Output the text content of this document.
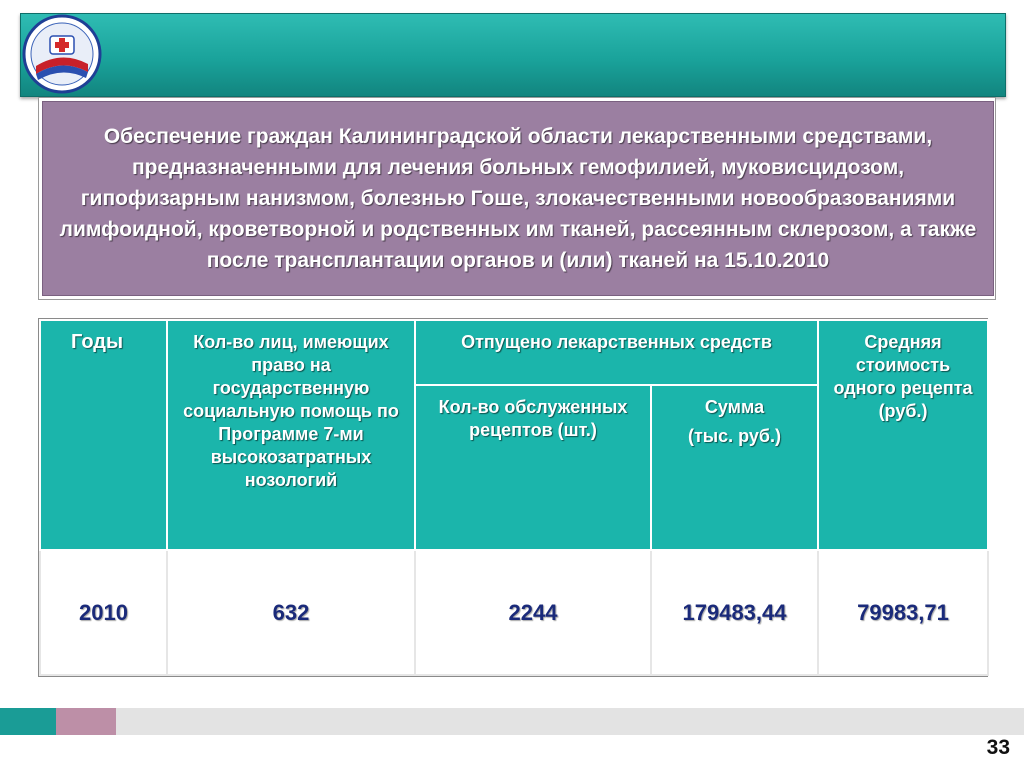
Обеспечение граждан Калининградской области лекарственными средствами, предназначенными для лечения больных гемофилией, муковисцидозом, гипофизарным нанизмом, болезнью Гоше, злокачественными новообразованиями лимфоидной, кроветворной и родственных им тканей, рассеянным склерозом, а также после трансплантации органов и (или) тканей на 15.10.2010

Годы	Кол-во лиц, имеющих право на государственную социальную помощь по Программе 7-ми высокозатратных нозологий	Отпущено лекарственных средств		Средняя стоимость одного рецепта (руб.)

		Кол-во обслуженных рецептов (шт.)	Сумма
(тыс. руб.)	

2010	632	2244	179483,44	79983,71
33
